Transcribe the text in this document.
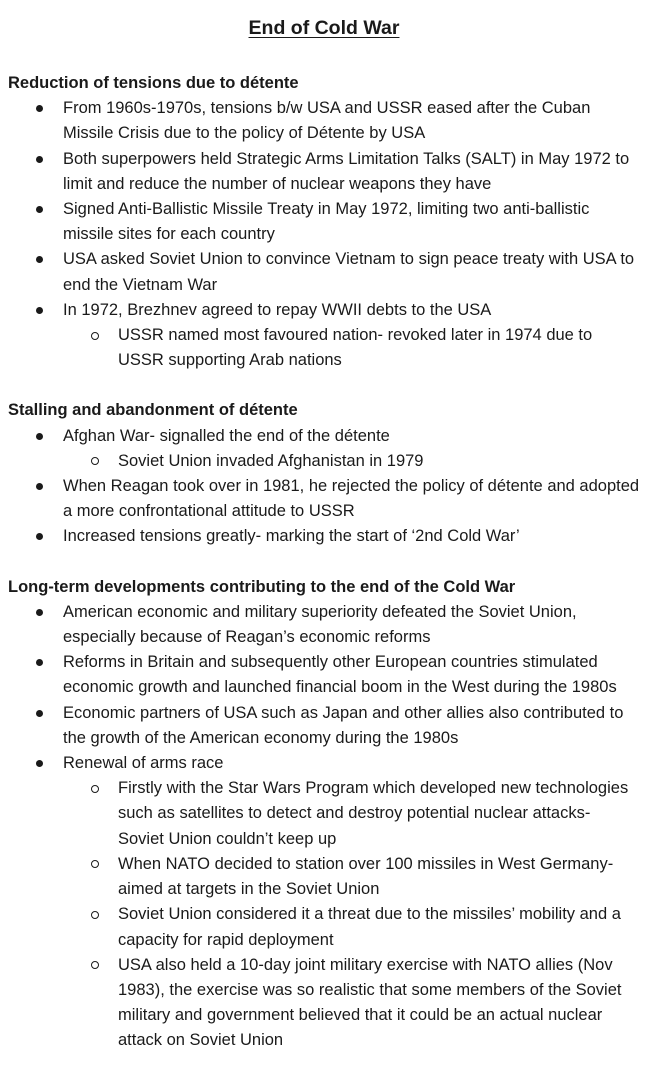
End of Cold War
Reduction of tensions due to détente
From 1960s-1970s, tensions b/w USA and USSR eased after the Cuban Missile Crisis due to the policy of Détente by USA
Both superpowers held Strategic Arms Limitation Talks (SALT) in May 1972 to limit and reduce the number of nuclear weapons they have
Signed Anti-Ballistic Missile Treaty in May 1972, limiting two anti-ballistic missile sites for each country
USA asked Soviet Union to convince Vietnam to sign peace treaty with USA to end the Vietnam War
In 1972, Brezhnev agreed to repay WWII debts to the USA
USSR named most favoured nation- revoked later in 1974 due to USSR supporting Arab nations
Stalling and abandonment of détente
Afghan War- signalled the end of the détente
Soviet Union invaded Afghanistan in 1979
When Reagan took over in 1981, he rejected the policy of détente and adopted a more confrontational attitude to USSR
Increased tensions greatly- marking the start of ‘2nd Cold War’
Long-term developments contributing to the end of the Cold War
American economic and military superiority defeated the Soviet Union, especially because of Reagan’s economic reforms
Reforms in Britain and subsequently other European countries stimulated economic growth and launched financial boom in the West during the 1980s
Economic partners of USA such as Japan and other allies also contributed to the growth of the American economy during the 1980s
Renewal of arms race
Firstly with the Star Wars Program which developed new technologies such as satellites to detect and destroy potential nuclear attacks- Soviet Union couldn’t keep up
When NATO decided to station over 100 missiles in West Germany- aimed at targets in the Soviet Union
Soviet Union considered it a threat due to the missiles’ mobility and a capacity for rapid deployment
USA also held a 10-day joint military exercise with NATO allies (Nov 1983), the exercise was so realistic that some members of the Soviet military and government believed that it could be an actual nuclear attack on Soviet Union
